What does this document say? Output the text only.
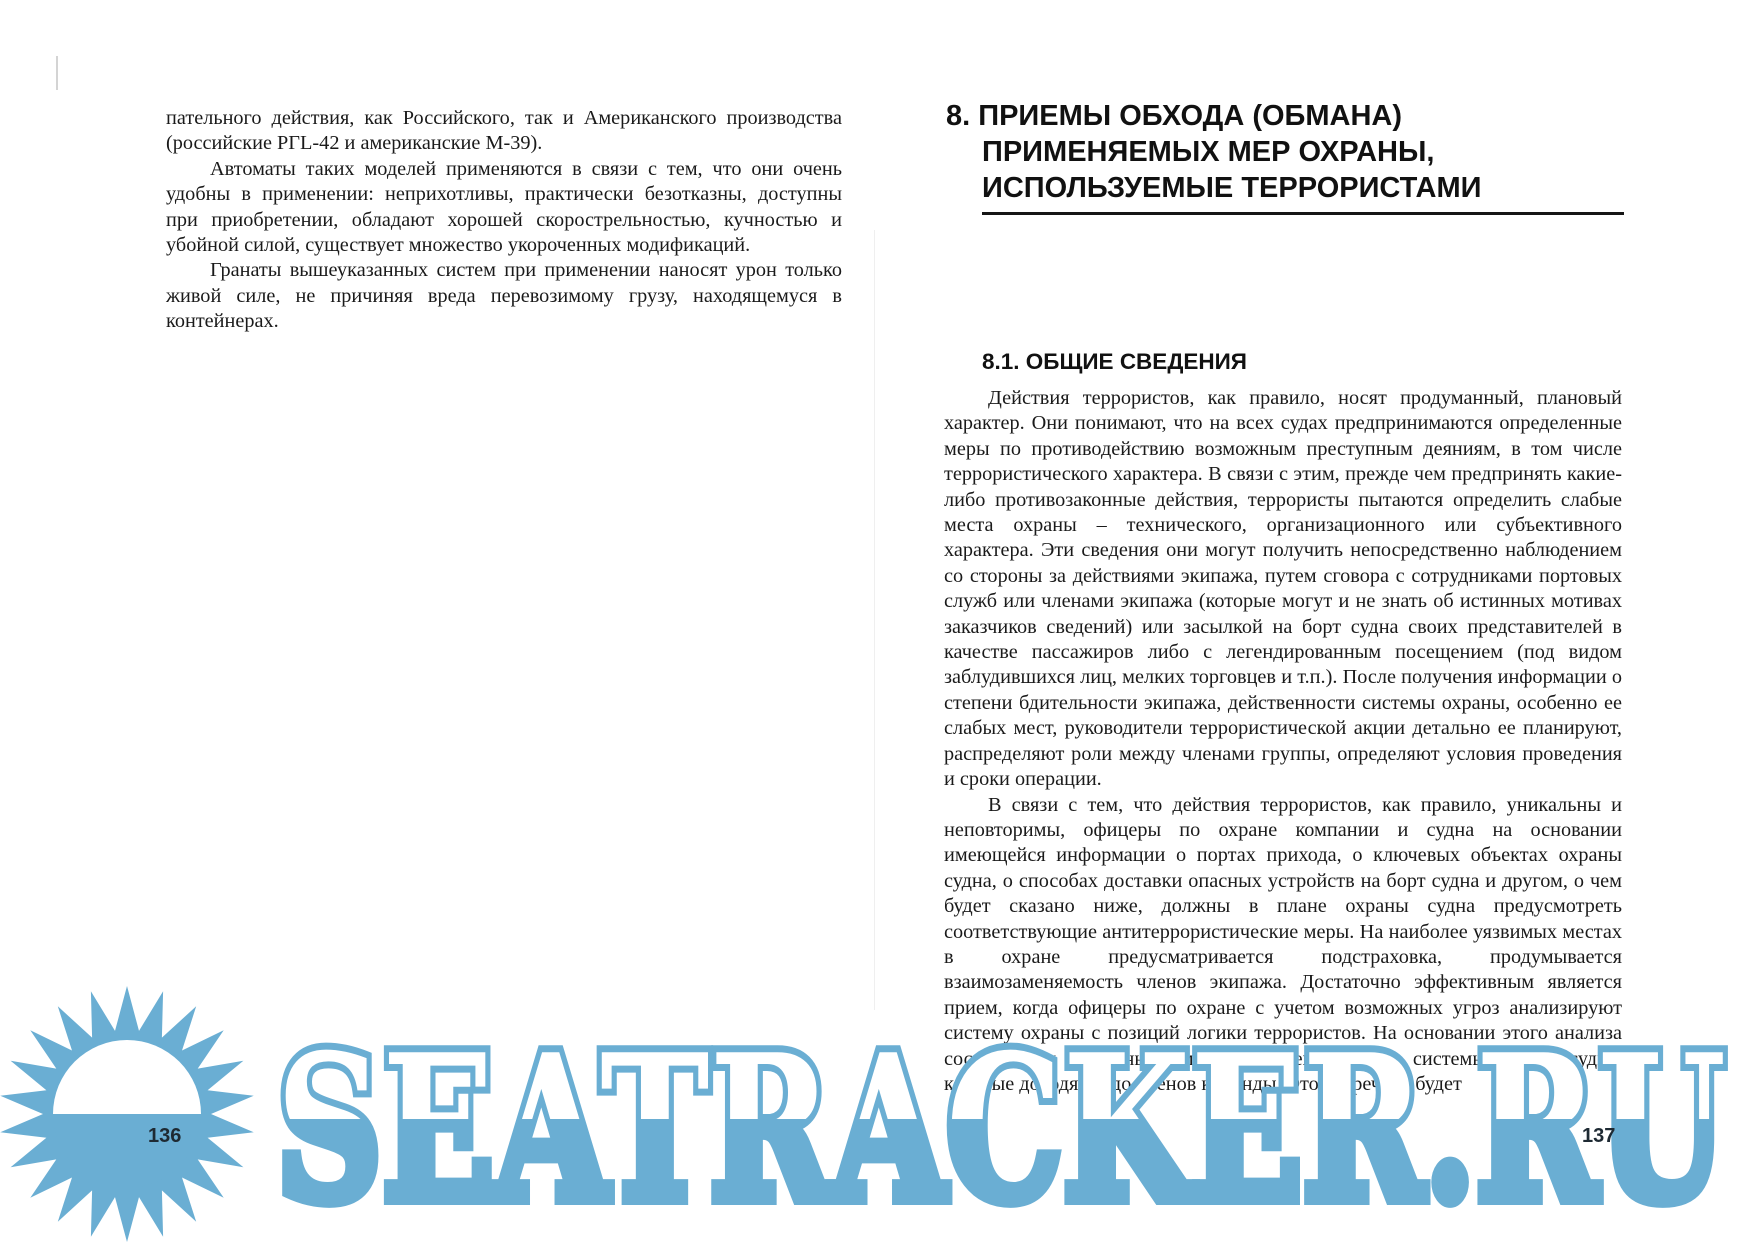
пательного действия, как Российского, так и Американского производства (российские РГL-42 и американские М-39).

Автоматы таких моделей применяются в связи с тем, что они очень удобны в применении: неприхотливы, практически безотказны, доступны при приобретении, обладают хорошей скорострельностью, кучностью и убойной силой, существует множество укороченных модификаций.

Гранаты вышеуказанных систем при применении наносят урон только живой силе, не причиняя вреда перевозимому грузу, находящемуся в контейнерах.

8. ПРИЕМЫ ОБХОДА (ОБМАНА) ПРИМЕНЯЕМЫХ МЕР ОХРАНЫ, ИСПОЛЬЗУЕМЫЕ ТЕРРОРИСТАМИ
8.1. ОБЩИЕ СВЕДЕНИЯ

Действия террористов, как правило, носят продуманный, плановый характер. Они понимают, что на всех судах предпринимаются определенные меры по противодействию возможным преступным деяниям, в том числе террористического характера. В связи с этим, прежде чем предпринять какие-либо противозаконные действия, террористы пытаются определить слабые места охраны – технического, организационного или субъективного характера. Эти сведения они могут получить непосредственно наблюдением со стороны за действиями экипажа, путем сговора с сотрудниками портовых служб или членами экипажа (которые могут и не знать об истинных мотивах заказчиков сведений) или засылкой на борт судна своих представителей в качестве пассажиров либо с легендированным посещением (под видом заблудившихся лиц, мелких торговцев и т.п.). После получения информации о степени бдительности экипажа, действенности системы охраны, особенно ее слабых мест, руководители террористической акции детально ее планируют, распределяют роли между членами группы, определяют условия проведения и сроки операции.

В связи с тем, что действия террористов, как правило, уникальны и неповторимы, офицеры по охране компании и судна на основании имеющейся информации о портах прихода, о ключевых объектах охраны судна, о способах доставки опасных устройств на борт судна и другом, о чем будет сказано ниже, должны в плане охраны судна предусмотреть соответствующие антитеррористические меры. На наиболее уязвимых местах в охране предусматривается подстраховка, продумывается взаимозаменяемость членов экипажа. Достаточно эффективным является прием, когда офицеры по охране с учетом возможных угроз анализируют систему охраны с позиций логики террористов. На основании этого анализа составляется перечень возможных приемов обхода системы охраны судна, которые доводятся до членов команды. Этот перечень будет

SEATRACKER.RU
136	137
